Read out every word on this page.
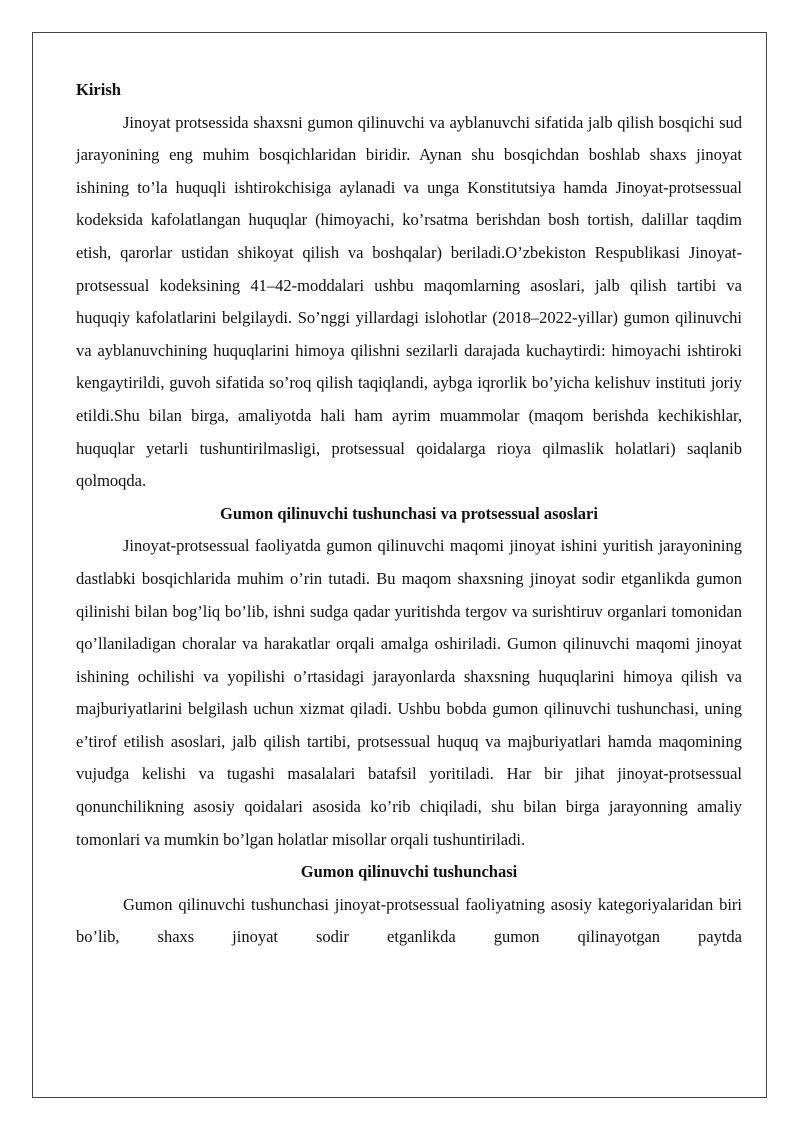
Kirish

Jinoyat protsessida shaxsni gumon qilinuvchi va ayblanuvchi sifatida jalb qilish bosqichi sud jarayonining eng muhim bosqichlaridan biridir. Aynan shu bosqichdan boshlab shaxs jinoyat ishining to’la huquqli ishtirokchisiga aylanadi va unga Konstitutsiya hamda Jinoyat-protsessual kodeksida kafolatlangan huquqlar (himoyachi, ko’rsatma berishdan bosh tortish, dalillar taqdim etish, qarorlar ustidan shikoyat qilish va boshqalar) beriladi.O’zbekiston Respublikasi Jinoyat-protsessual kodeksining 41–42-moddalari ushbu maqomlarning asoslari, jalb qilish tartibi va huquqiy kafolatlarini belgilaydi. So’nggi yillardagi islohotlar (2018–2022-yillar) gumon qilinuvchi va ayblanuvchining huquqlarini himoya qilishni sezilarli darajada kuchaytirdi: himoyachi ishtiroki kengaytirildi, guvoh sifatida so’roq qilish taqiqlandi, aybga iqrorlik bo’yicha kelishuv instituti joriy etildi.Shu bilan birga, amaliyotda hali ham ayrim muammolar (maqom berishda kechikishlar, huquqlar yetarli tushuntirilmasligi, protsessual qoidalarga rioya qilmaslik holatlari) saqlanib qolmoqda.

Gumon qilinuvchi tushunchasi va protsessual asoslari

Jinoyat-protsessual faoliyatda gumon qilinuvchi maqomi jinoyat ishini yuritish jarayonining dastlabki bosqichlarida muhim o’rin tutadi. Bu maqom shaxsning jinoyat sodir etganlikda gumon qilinishi bilan bog’liq bo’lib, ishni sudga qadar yuritishda tergov va surishtiruv organlari tomonidan qo’llaniladigan choralar va harakatlar orqali amalga oshiriladi. Gumon qilinuvchi maqomi jinoyat ishining ochilishi va yopilishi o’rtasidagi jarayonlarda shaxsning huquqlarini himoya qilish va majburiyatlarini belgilash uchun xizmat qiladi. Ushbu bobda gumon qilinuvchi tushunchasi, uning e’tirof etilish asoslari, jalb qilish tartibi, protsessual huquq va majburiyatlari hamda maqomining vujudga kelishi va tugashi masalalari batafsil yoritiladi. Har bir jihat jinoyat-protsessual qonunchilikning asosiy qoidalari asosida ko’rib chiqiladi, shu bilan birga jarayonning amaliy tomonlari va mumkin bo’lgan holatlar misollar orqali tushuntiriladi.

Gumon qilinuvchi tushunchasi

Gumon qilinuvchi tushunchasi jinoyat-protsessual faoliyatning asosiy kategoriyalaridan biri bo’lib, shaxs jinoyat sodir etganlikda gumon qilinayotgan paytda
